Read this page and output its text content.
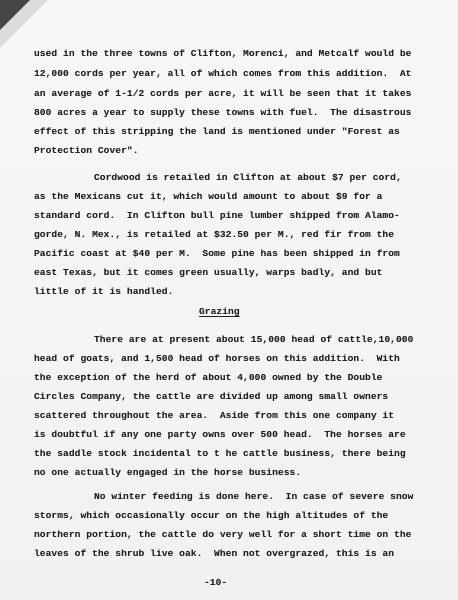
used in the three towns of Clifton, Morenci, and Metcalf would be
12,000 cords per year, all of which comes from this addition.  At
an average of 1-1/2 cords per acre, it will be seen that it takes
800 acres a year to supply these towns with fuel.  The disastrous
effect of this stripping the land is mentioned under "Forest as
Protection Cover".
Cordwood is retailed in Clifton at about $7 per cord,
as the Mexicans cut it, which would amount to about $9 for a
standard cord.  In Clifton bull pine lumber shipped from Alamo-
gorde, N. Mex., is retailed at $32.50 per M., red fir from the
Pacific coast at $40 per M.  Some pine has been shipped in from
east Texas, but it comes green usually, warps badly, and but
little of it is handled.
Grazing
There are at present about 15,000 head of cattle,10,000
head of goats, and 1,500 head of horses on this addition.  With
the exception of the herd of about 4,000 owned by the Double
Circles Company, the cattle are divided up among small owners
scattered throughout the area.  Aside from this one company it
is doubtful if any one party owns over 500 head.  The horses are
the saddle stock incidental to t he cattle business, there being
no one actually engaged in the horse business.
No winter feeding is done here.  In case of severe snow
storms, which occasionally occur on the high altitudes of the
northern portion, the cattle do very well for a short time on the
leaves of the shrub live oak.  When not overgrazed, this is an
-10-
